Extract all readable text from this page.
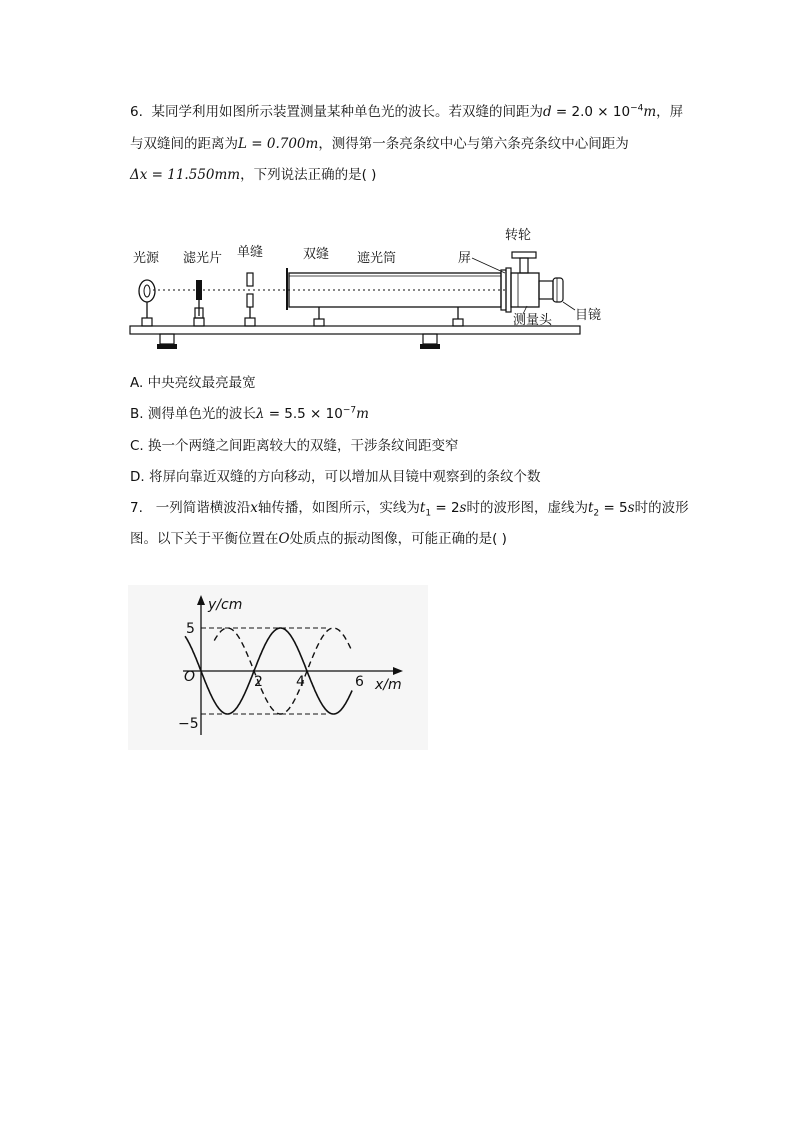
6. 某同学利用如图所示装置测量某种单色光的波长。若双缝的间距为$d = 2.0 \times 10^{-4}m$，屏
与双缝间的距离为L = 0.700m，测得第一条亮条纹中心与第六条亮条纹中心间距为
Δx = 11.550mm，下列说法正确的是( )
光源 滤光片 单缝	双缝 遮光筒	屏
转轮
目镜
测量头
A. 中央亮纹最亮最宽
B. 测得单色光的波长$\lambda = 5.5 \times 10^{-7}m$
C. 换一个两缝之间距离较大的双缝，干涉条纹间距变窄
D. 将屏向靠近双缝的方向移动，可以增加从目镜中观察到的条纹个数
7. 一列简谐横波沿x轴传播，如图所示，实线为$t_1 = 2s$时的波形图，虚线为$t_2 = 5s$时的波形
图。以下关于平衡位置在O处质点的振动图像，可能正确的是( )
y/cm
x/m
O
5
−5
2 4	6
